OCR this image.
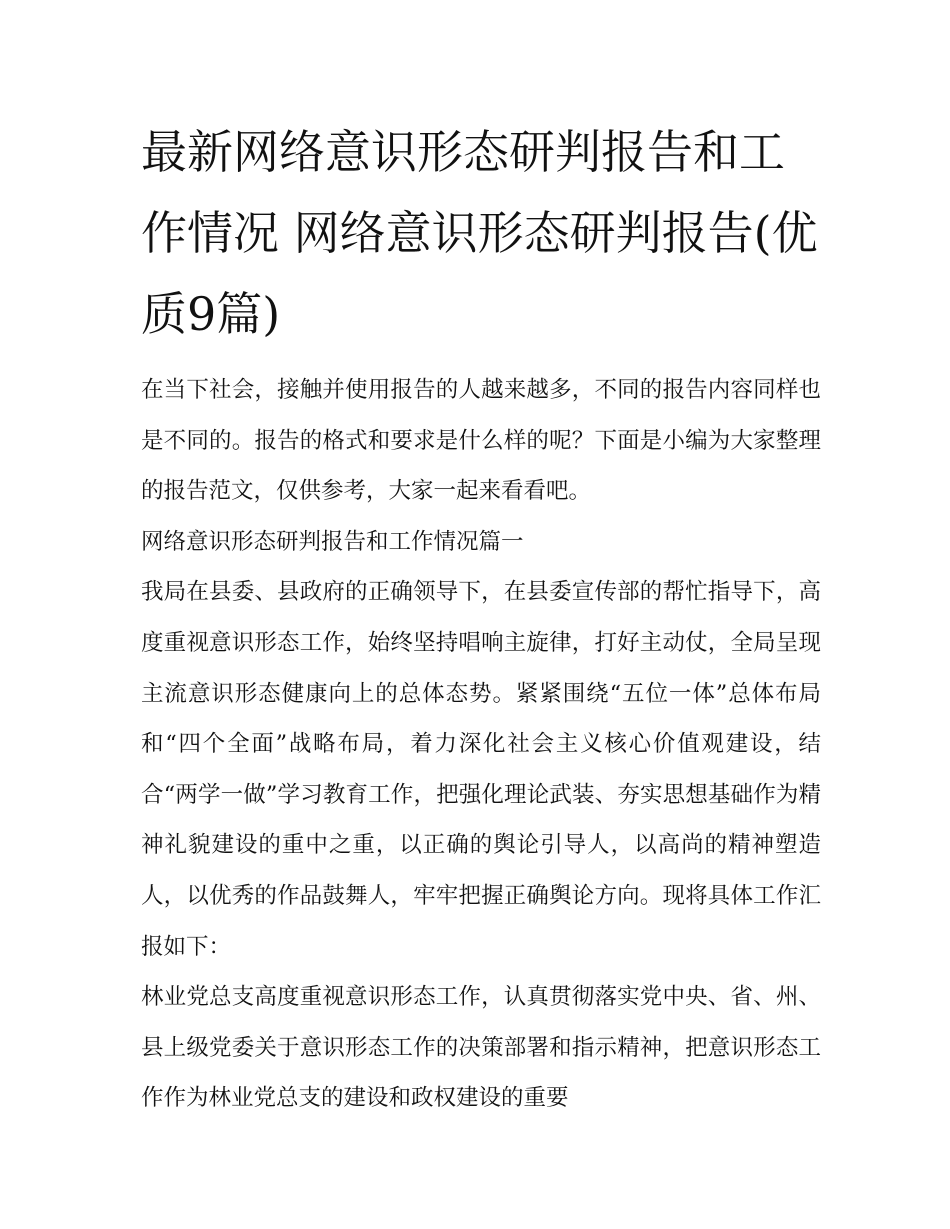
最新网络意识形态研判报告和工作情况 网络意识形态研判报告(优质9篇)

在当下社会，接触并使用报告的人越来越多，不同的报告内容同样也是不同的。报告的格式和要求是什么样的呢？下面是小编为大家整理的报告范文，仅供参考，大家一起来看看吧。

网络意识形态研判报告和工作情况篇一

我局在县委、县政府的正确领导下，在县委宣传部的帮忙指导下，高度重视意识形态工作，始终坚持唱响主旋律，打好主动仗，全局呈现主流意识形态健康向上的总体态势。紧紧围绕“五位一体”总体布局和“四个全面”战略布局，着力深化社会主义核心价值观建设，结合“两学一做”学习教育工作，把强化理论武装、夯实思想基础作为精神礼貌建设的重中之重，以正确的舆论引导人，以高尚的精神塑造人，以优秀的作品鼓舞人，牢牢把握正确舆论方向。现将具体工作汇报如下：

林业党总支高度重视意识形态工作，认真贯彻落实党中央、省、州、县上级党委关于意识形态工作的决策部署和指示精神，把意识形态工作作为林业党总支的建设和政权建设的重要
